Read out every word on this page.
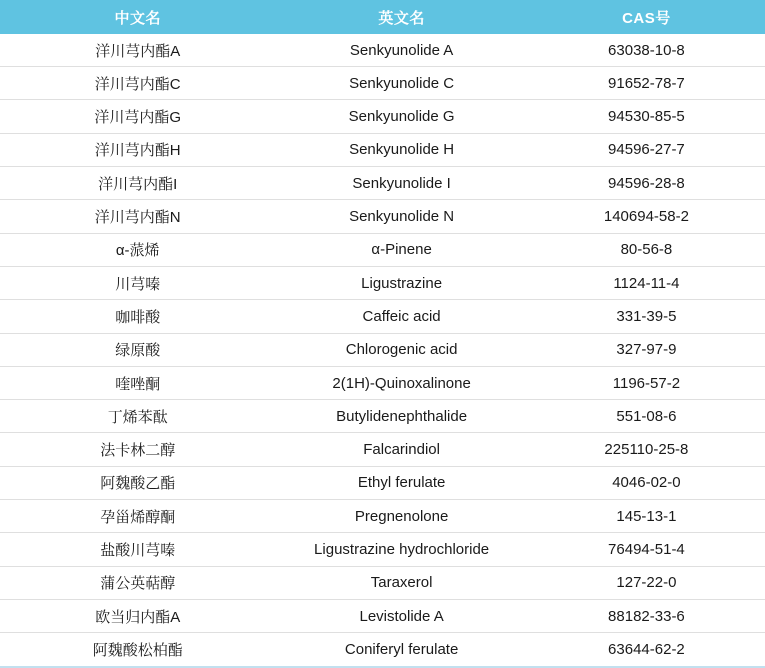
中文名	英文名	CAS号
洋川芎内酯A	Senkyunolide A	63038-10-8
洋川芎内酯C	Senkyunolide C	91652-78-7
洋川芎内酯G	Senkyunolide G	94530-85-5
洋川芎内酯H	Senkyunolide H	94596-27-7
洋川芎内酯I	Senkyunolide I	94596-28-8
洋川芎内酯N	Senkyunolide N	140694-58-2
α-蒎烯	α-Pinene	80-56-8
川芎嗪	Ligustrazine	1124-11-4
咖啡酸	Caffeic acid	331-39-5
绿原酸	Chlorogenic acid	327-97-9
喹唑酮	2(1H)-Quinoxalinone	1196-57-2
丁烯苯酞	Butylidenephthalide	551-08-6
法卡林二醇	Falcarindiol	225110-25-8
阿魏酸乙酯	Ethyl ferulate	4046-02-0
孕甾烯醇酮	Pregnenolone	145-13-1
盐酸川芎嗪	Ligustrazine hydrochloride	76494-51-4
蒲公英萜醇	Taraxerol	127-22-0
欧当归内酯A	Levistolide A	88182-33-6
阿魏酸松柏酯	Coniferyl ferulate	63644-62-2
